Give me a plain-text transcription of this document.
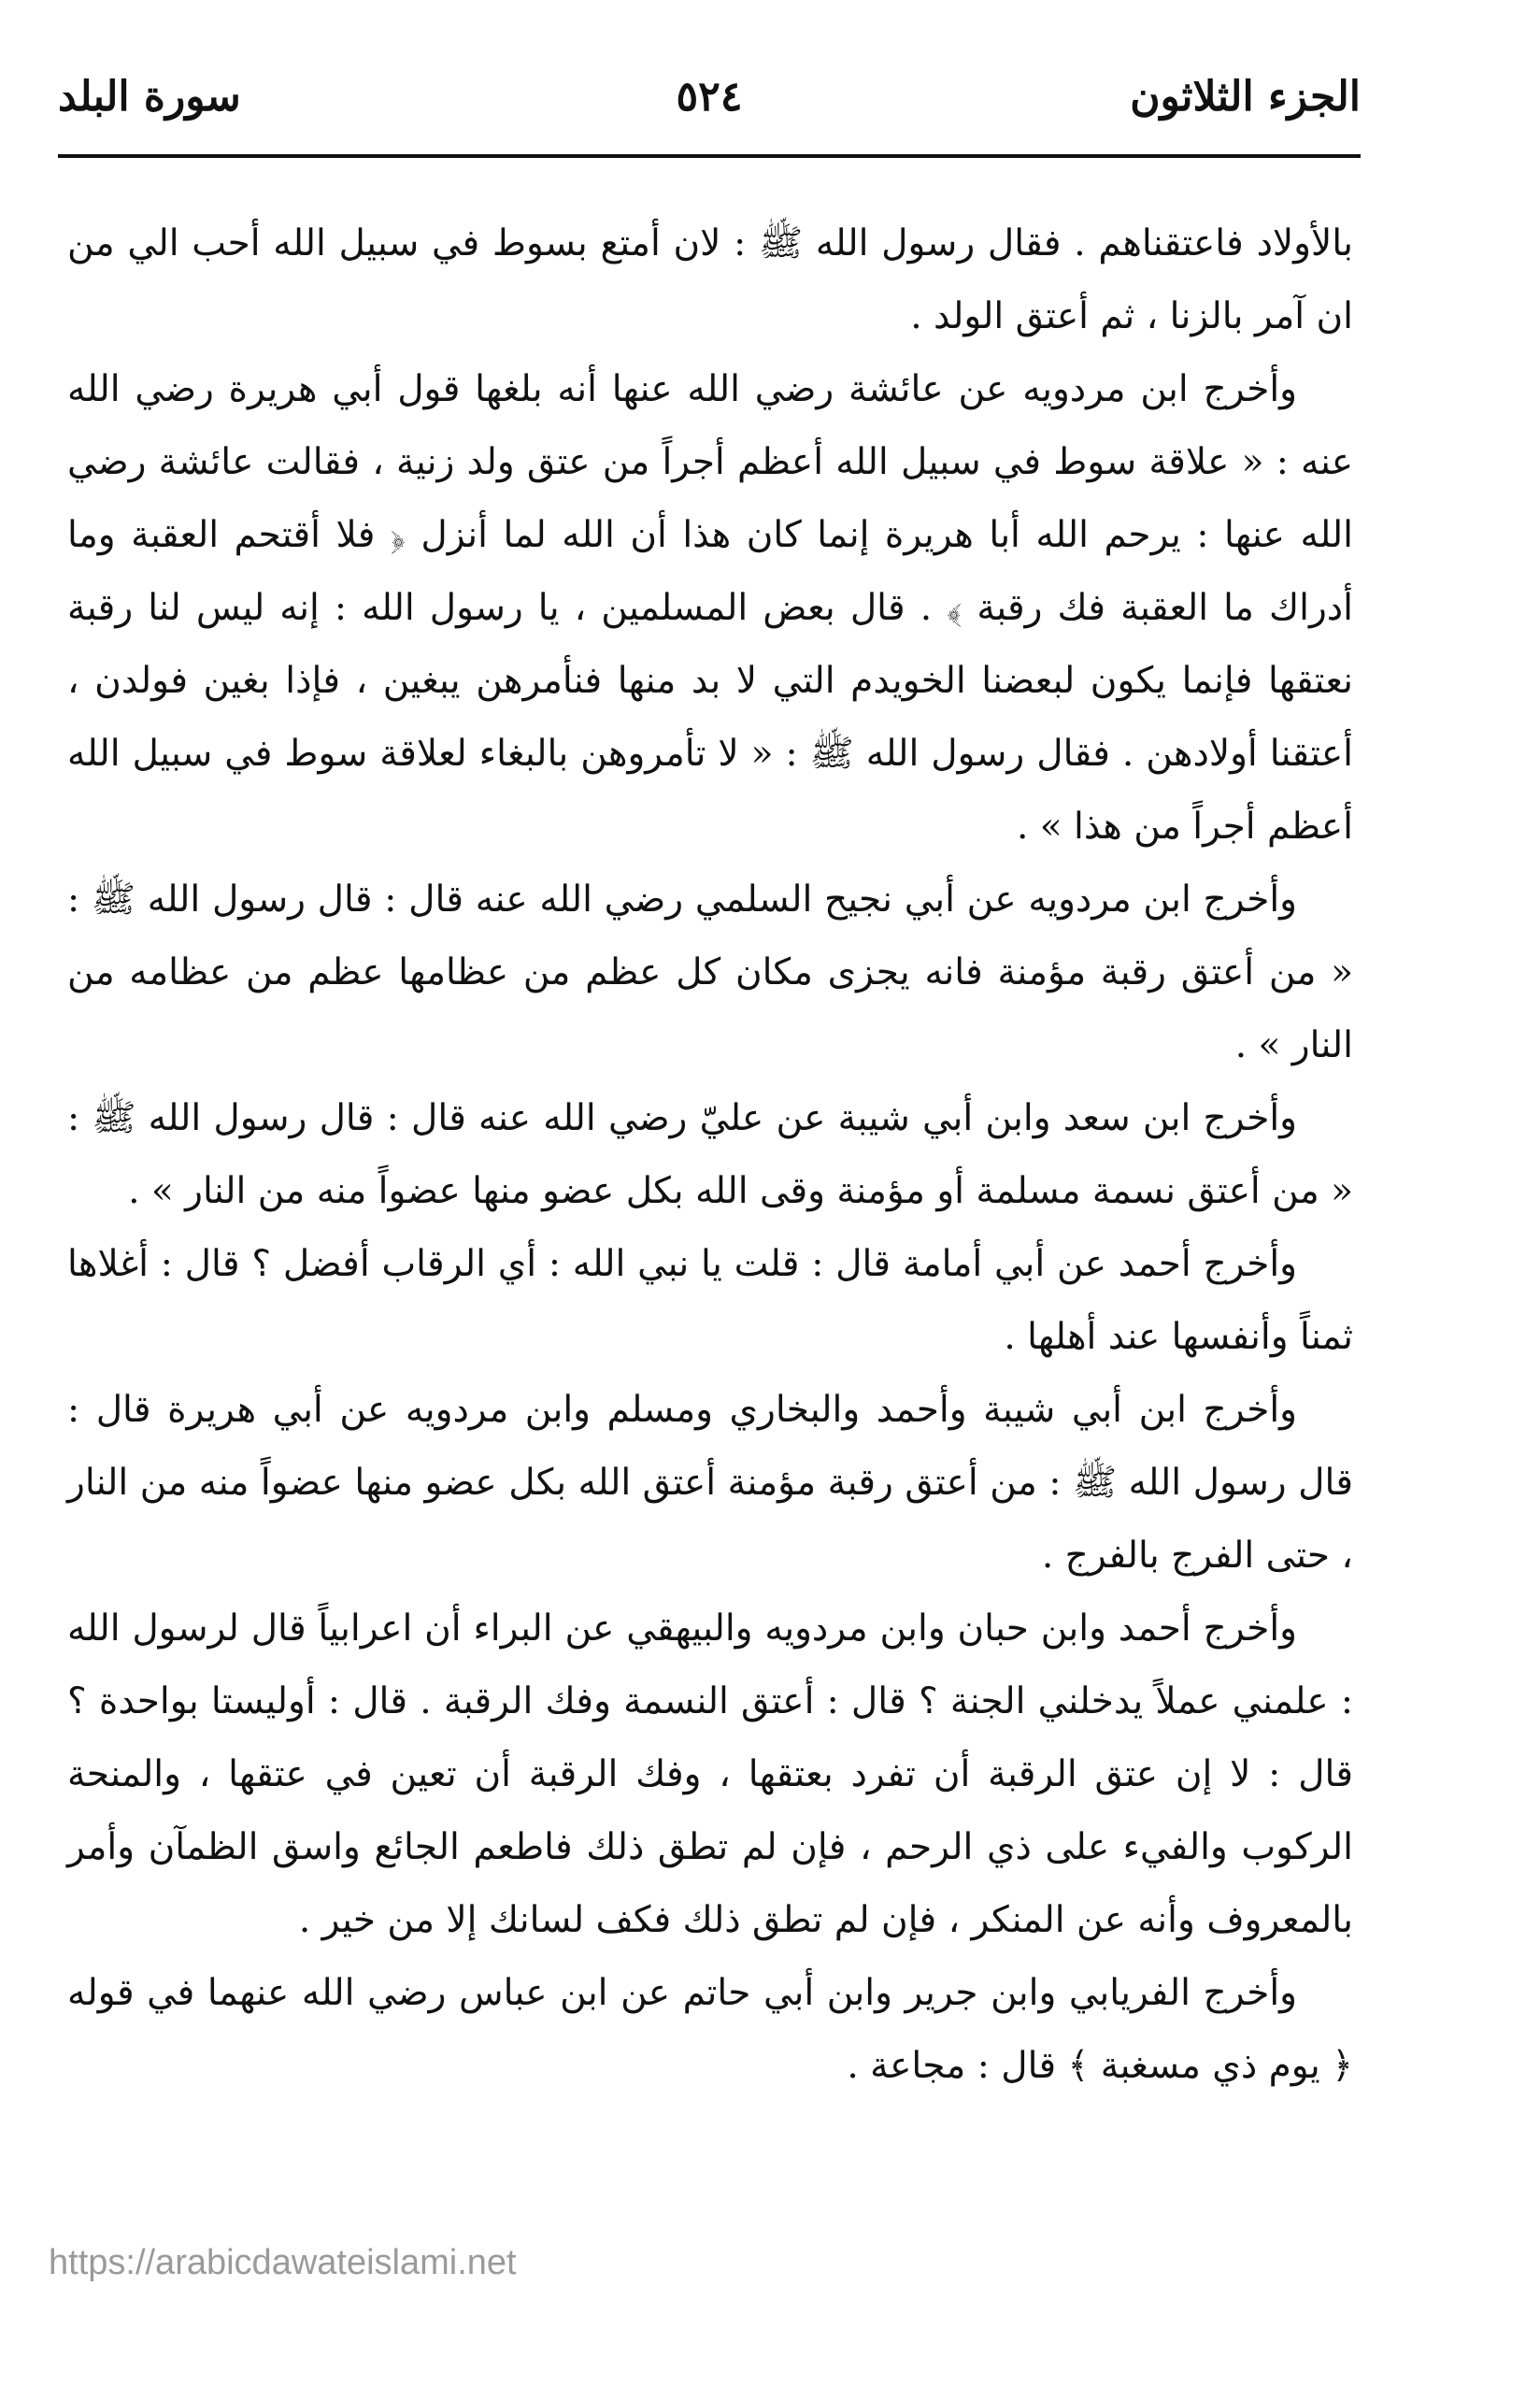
الجزء الثلاثون
٥٢٤
سورة البلد

بالأولاد فاعتقناهم . فقال رسول الله ﷺ : لان أمتع بسوط في سبيل الله أحب الي من ان آمر بالزنا ، ثم أعتق الولد .

وأخرج ابن مردويه عن عائشة رضي الله عنها أنه بلغها قول أبي هريرة رضي الله عنه : « علاقة سوط في سبيل الله أعظم أجراً من عتق ولد زنية ، فقالت عائشة رضي الله عنها : يرحم الله أبا هريرة إنما كان هذا أن الله لما أنزل ﴿ فلا أقتحم العقبة وما أدراك ما العقبة فك رقبة ﴾ . قال بعض المسلمين ، يا رسول الله : إنه ليس لنا رقبة نعتقها فإنما يكون لبعضنا الخويدم التي لا بد منها فنأمرهن يبغين ، فإذا بغين فولدن ، أعتقنا أولادهن . فقال رسول الله ﷺ : « لا تأمروهن بالبغاء لعلاقة سوط في سبيل الله أعظم أجراً من هذا » .

وأخرج ابن مردويه عن أبي نجيح السلمي رضي الله عنه قال : قال رسول الله ﷺ : « من أعتق رقبة مؤمنة فانه يجزى مكان كل عظم من عظامها عظم من عظامه من النار » .

وأخرج ابن سعد وابن أبي شيبة عن عليّ رضي الله عنه قال : قال رسول الله ﷺ : « من أعتق نسمة مسلمة أو مؤمنة وقى الله بكل عضو منها عضواً منه من النار » .

وأخرج أحمد عن أبي أمامة قال : قلت يا نبي الله : أي الرقاب أفضل ؟ قال : أغلاها ثمناً وأنفسها عند أهلها .

وأخرج ابن أبي شيبة وأحمد والبخاري ومسلم وابن مردويه عن أبي هريرة قال : قال رسول الله ﷺ : من أعتق رقبة مؤمنة أعتق الله بكل عضو منها عضواً منه من النار ، حتى الفرج بالفرج .

وأخرج أحمد وابن حبان وابن مردويه والبيهقي عن البراء أن اعرابياً قال لرسول الله : علمني عملاً يدخلني الجنة ؟ قال : أعتق النسمة وفك الرقبة . قال : أوليستا بواحدة ؟ قال : لا إن عتق الرقبة أن تفرد بعتقها ، وفك الرقبة أن تعين في عتقها ، والمنحة الركوب والفيء على ذي الرحم ، فإن لم تطق ذلك فاطعم الجائع واسق الظمآن وأمر بالمعروف وأنه عن المنكر ، فإن لم تطق ذلك فكف لسانك إلا من خير .

وأخرج الفريابي وابن جرير وابن أبي حاتم عن ابن عباس رضي الله عنهما في قوله ﴿ يوم ذي مسغبة ﴾ قال : مجاعة .

https://arabicdawateislami.net
